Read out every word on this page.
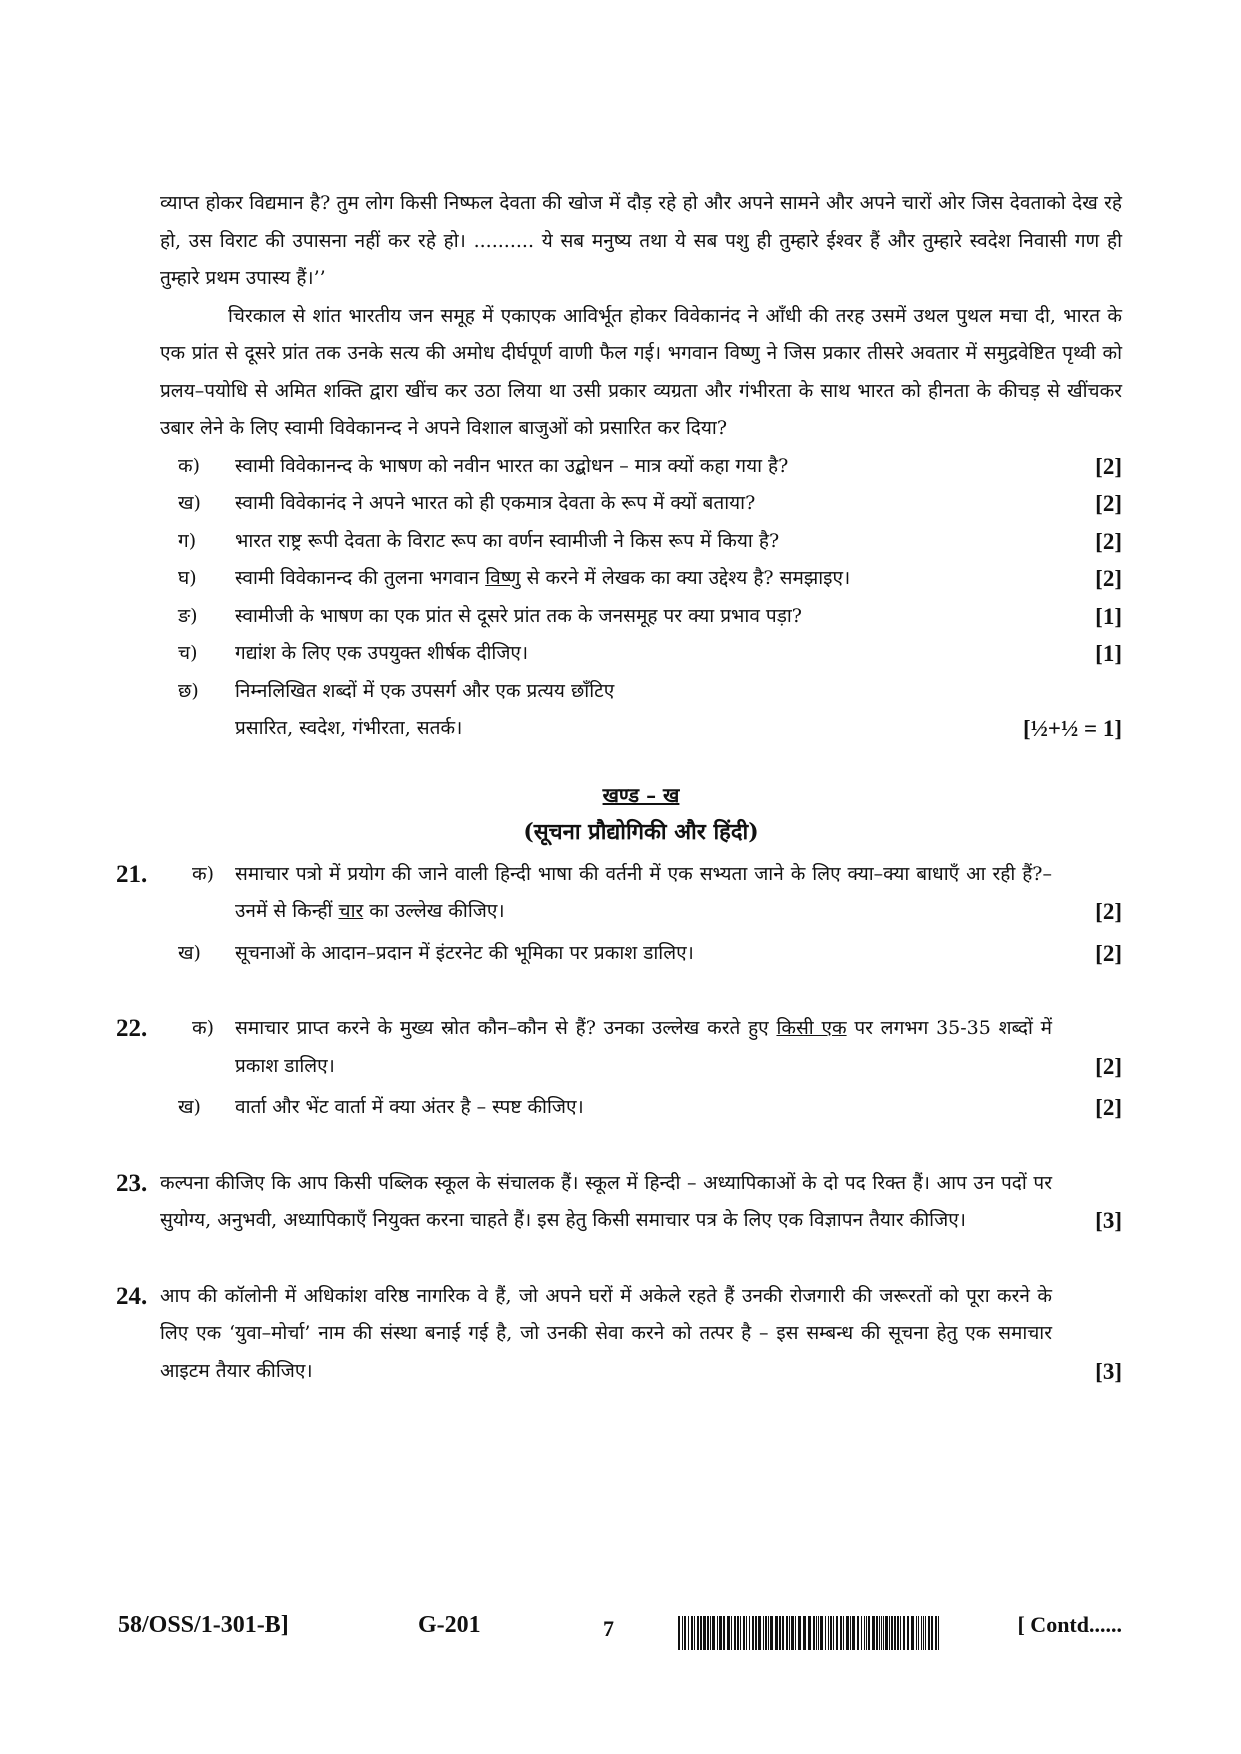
व्याप्त होकर विद्यमान है? तुम लोग किसी निष्फल देवता की खोज में दौड़ रहे हो और अपने सामने और अपने चारों ओर जिस देवताको देख रहे हो, उस विराट की उपासना नहीं कर रहे हो। .......... ये सब मनुष्य तथा ये सब पशु ही तुम्हारे ईश्वर हैं और तुम्हारे स्वदेश निवासी गण ही तुम्हारे प्रथम उपास्य हैं।’’

चिरकाल से शांत भारतीय जन समूह में एकाएक आविर्भूत होकर विवेकानंद ने आँधी की तरह उसमें उथल पुथल मचा दी, भारत के एक प्रांत से दूसरे प्रांत तक उनके सत्य की अमोध दीर्घपूर्ण वाणी फैल गई। भगवान विष्णु ने जिस प्रकार तीसरे अवतार में समुद्रवेष्टित पृथ्वी को प्रलय–पयोधि से अमित शक्ति द्वारा खींच कर उठा लिया था उसी प्रकार व्यग्रता और गंभीरता के साथ भारत को हीनता के कीचड़ से खींचकर उबार लेने के लिए स्वामी विवेकानन्द ने अपने विशाल बाजुओं को प्रसारित कर दिया?

क)	स्वामी विवेकानन्द के भाषण को नवीन भारत का उद्बोधन – मात्र क्यों कहा गया है?	[2]
ख)	स्वामी विवेकानंद ने अपने भारत को ही एकमात्र देवता के रूप में क्यों बताया?	[2]
ग)	भारत राष्ट्र रूपी देवता के विराट रूप का वर्णन स्वामीजी ने किस रूप में किया है?	[2]
घ)	स्वामी विवेकानन्द की तुलना भगवान विष्णु से करने में लेखक का क्या उद्देश्य है? समझाइए।	[2]
ङ)	स्वामीजी के भाषण का एक प्रांत से दूसरे प्रांत तक के जनसमूह पर क्या प्रभाव पड़ा?	[1]
च)	गद्यांश के लिए एक उपयुक्त शीर्षक दीजिए।	[1]
छ)	निम्नलिखित शब्दों में एक उपसर्ग और एक प्रत्यय छाँटिए
प्रसारित, स्वदेश, गंभीरता, सतर्क।	[½+½ = 1]
खण्ड – ख
(सूचना प्रौद्योगिकी और हिंदी)
21. क)	समाचार पत्रो में प्रयोग की जाने वाली हिन्दी भाषा की वर्तनी में एक सभ्यता जाने के लिए क्या–क्या बाधाएँ आ रही हैं?– उनमें से किन्हीं चार का उल्लेख कीजिए।	[2]
ख)	सूचनाओं के आदान–प्रदान में इंटरनेट की भूमिका पर प्रकाश डालिए।	[2]
22. क)	समाचार प्राप्त करने के मुख्य स्रोत कौन–कौन से हैं? उनका उल्लेख करते हुए किसी एक पर लगभग 35-35 शब्दों में प्रकाश डालिए।	[2]
ख)	वार्ता और भेंट वार्ता में क्या अंतर है – स्पष्ट कीजिए।	[2]
23. कल्पना कीजिए कि आप किसी पब्लिक स्कूल के संचालक हैं। स्कूल में हिन्दी – अध्यापिकाओं के दो पद रिक्त हैं। आप उन पदों पर सुयोग्य, अनुभवी, अध्यापिकाएँ नियुक्त करना चाहते हैं। इस हेतु किसी समाचार पत्र के लिए एक विज्ञापन तैयार कीजिए।	[3]
24. आप की कॉलोनी में अधिकांश वरिष्ठ नागरिक वे हैं, जो अपने घरों में अकेले रहते हैं उनकी रोजगारी की जरूरतों को पूरा करने के लिए एक ‘युवा–मोर्चा’ नाम की संस्था बनाई गई है, जो उनकी सेवा करने को तत्पर है – इस सम्बन्ध की सूचना हेतु एक समाचार आइटम तैयार कीजिए।	[3]
58/OSS/1-301-B]	G-201	7	[ Contd......
